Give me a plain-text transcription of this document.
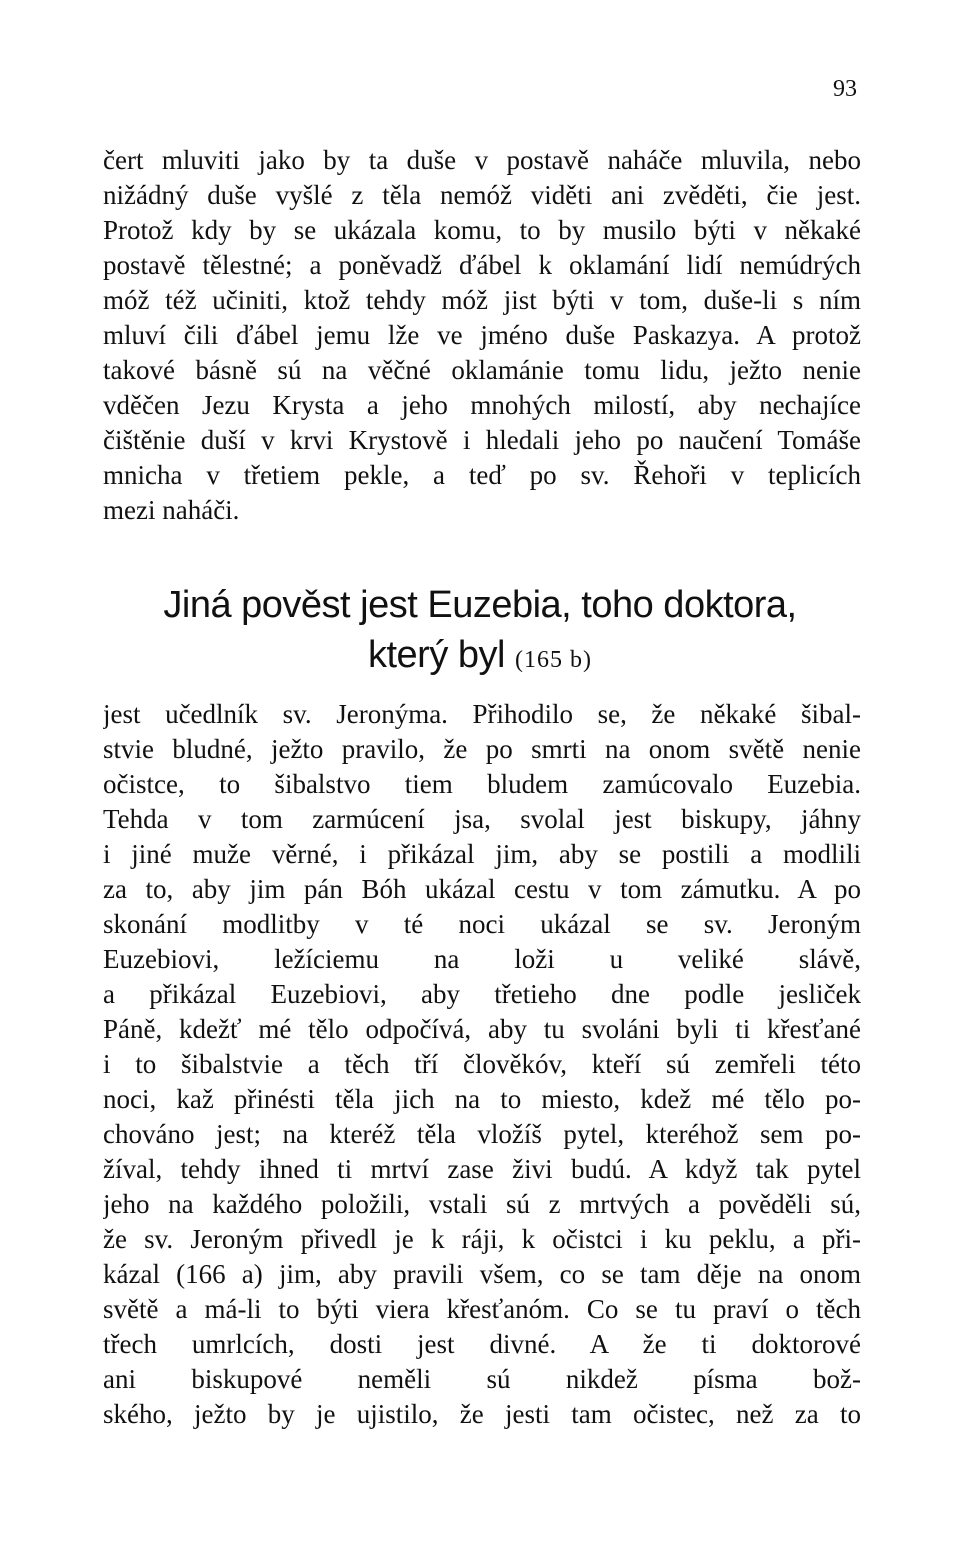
93
čert mluviti jako by ta duše v postavě naháče mluvila, nebo
nižádný duše vyšlé z těla nemóž viděti ani zvěděti, čie jest.
Protož kdy by se ukázala komu, to by musilo býti v někaké
postavě tělestné; a poněvadž ďábel k oklamání lidí nemúdrých
móž též učiniti, ktož tehdy móž jist býti v tom, duše-li s ním
mluví čili ďábel jemu lže ve jméno duše Paskazya. A protož
takové básně sú na věčné oklamánie tomu lidu, ježto nenie
vděčen Jezu Krysta a jeho mnohých milostí, aby nechajíce
čištěnie duší v krvi Krystově i hledali jeho po naučení Tomáše
mnicha v třetiem pekle, a teď po sv. Řehoři v teplicích
mezi naháči.
Jiná pověst jest Euzebia, toho doktora,
který byl (165 b)
jest učedlník sv. Jeronýma. Přihodilo se, že někaké šibal-
stvie bludné, ježto pravilo, že po smrti na onom světě nenie
očistce, to šibalstvo tiem bludem zamúcovalo Euzebia.
Tehda v tom zarmúcení jsa, svolal jest biskupy, jáhny
i jiné muže věrné, i přikázal jim, aby se postili a modlili
za to, aby jim pán Bóh ukázal cestu v tom zámutku. A po
skonání modlitby v té noci ukázal se sv. Jeroným
Euzebiovi, ležíciemu na loži u veliké slávě,
a přikázal Euzebiovi, aby třetieho dne podle jesliček
Páně, kdežť mé tělo odpočívá, aby tu svoláni byli ti křesťané
i to šibalstvie a těch tří člověkóv, kteří sú zemřeli této
noci, kaž přinésti těla jich na to miesto, kdež mé tělo po-
chováno jest; na kteréž těla vložíš pytel, kteréhož sem po-
žíval, tehdy ihned ti mrtví zase živi budú. A když tak pytel
jeho na každého položili, vstali sú z mrtvých a pověděli sú,
že sv. Jeroným přivedl je k ráji, k očistci i ku peklu, a při-
kázal (166 a) jim, aby pravili všem, co se tam děje na onom
světě a má-li to býti viera křesťanóm. Co se tu praví o těch
třech umrlcích, dosti jest divné. A že ti doktorové
ani biskupové neměli sú nikdež písma bož-
ského, ježto by je ujistilo, že jesti tam očistec, než za to
